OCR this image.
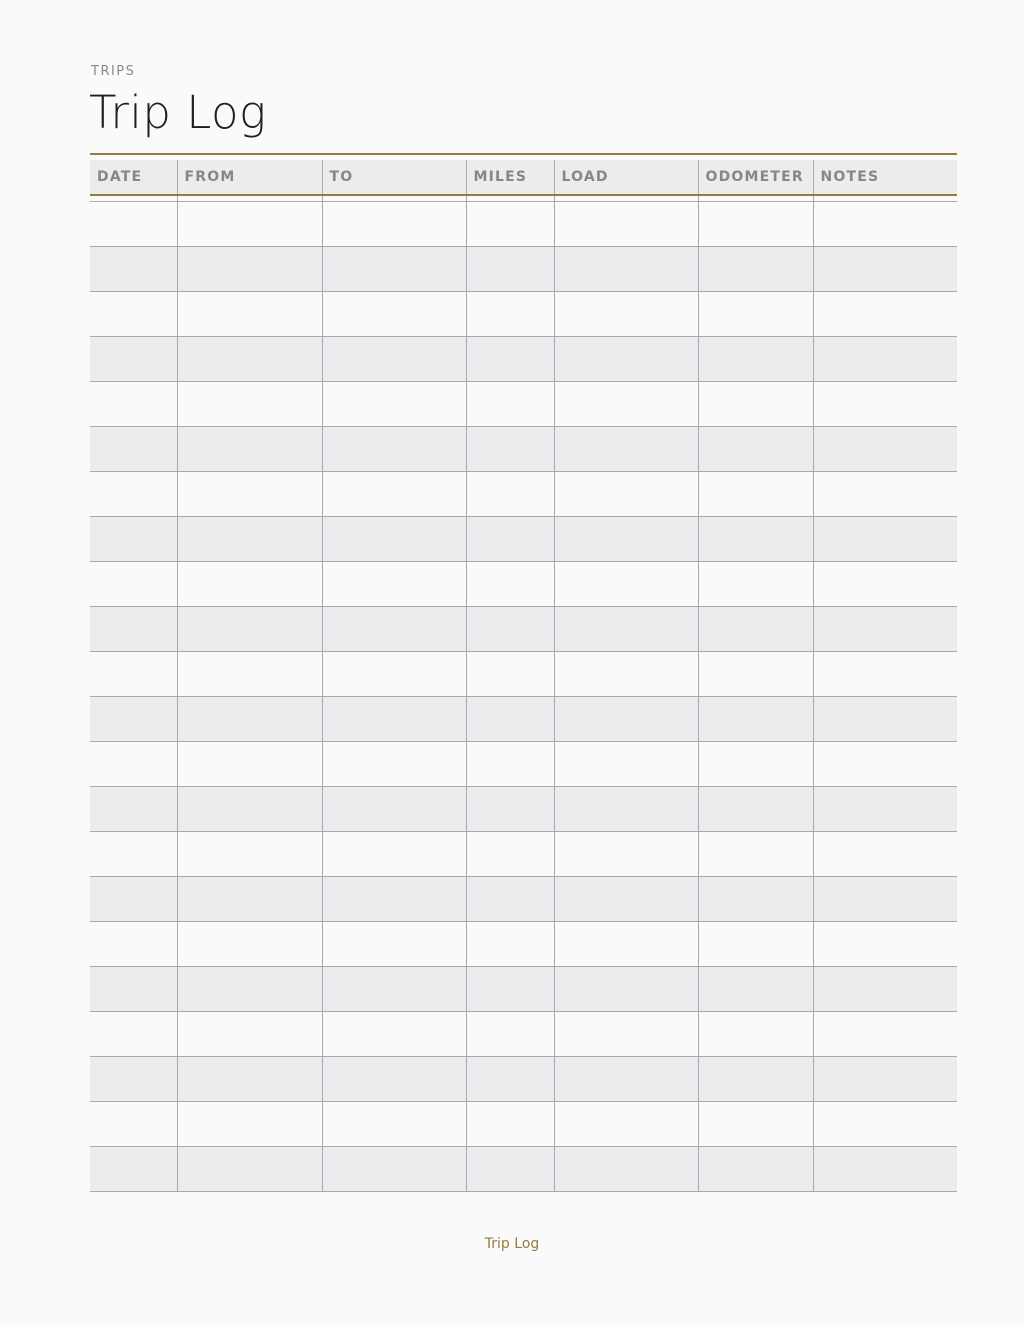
TRIPS
Trip Log
DATE	FROM	TO	MILES	LOAD	ODOMETER	NOTES

Trip Log
